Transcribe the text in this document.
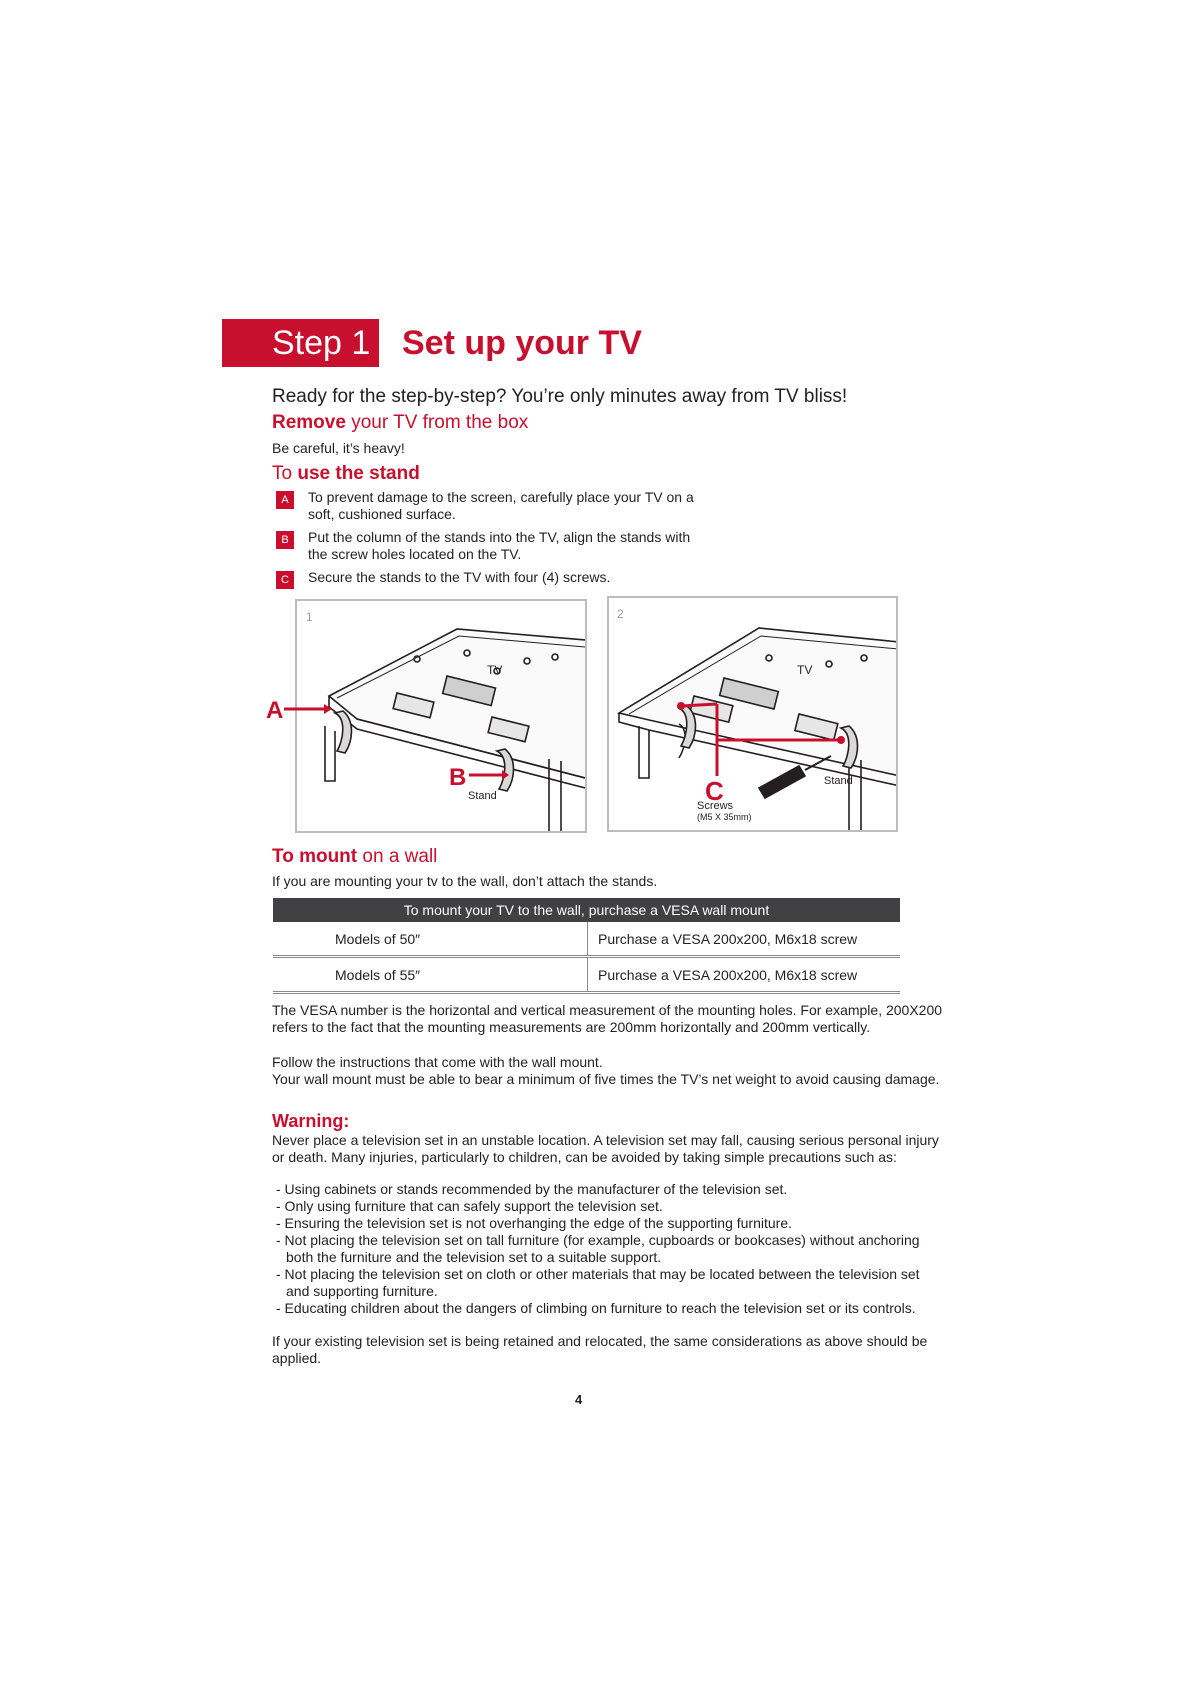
Step 1 Set up your TV
Ready for the step-by-step? You’re only minutes away from TV bliss!
Remove your TV from the box
Be careful, it’s heavy!
To use the stand
A	To prevent damage to the screen, carefully place your TV on a soft, cushioned surface.
B	Put the column of the stands into the TV, align the stands with the screw holes located on the TV.
C	Secure the stands to the TV with four (4) screws.
TV
Stand
1
B
A
C
TV
Stand
Screws
(M5 X 35mm)
2
To mount on a wall
If you are mounting your tv to the wall, don’t attach the stands.
To mount your TV to the wall, purchase a VESA wall mount
Models of 50″	Purchase a VESA 200x200, M6x18 screw
Models of 55″	Purchase a VESA 200x200, M6x18 screw
The VESA number is the horizontal and vertical measurement of the mounting holes. For example, 200X200 refers to the fact that the mounting measurements are 200mm horizontally and 200mm vertically.
Follow the instructions that come with the wall mount.
Your wall mount must be able to bear a minimum of five times the TV’s net weight to avoid causing damage.
Warning:
Never place a television set in an unstable location. A television set may fall, causing serious personal injury or death. Many injuries, particularly to children, can be avoided by taking simple precautions such as:
- Using cabinets or stands recommended by the manufacturer of the television set.
- Only using furniture that can safely support the television set.
- Ensuring the television set is not overhanging the edge of the supporting furniture.
- Not placing the television set on tall furniture (for example, cupboards or bookcases) without anchoring both the furniture and the television set to a suitable support.
- Not placing the television set on cloth or other materials that may be located between the television set and supporting furniture.
- Educating children about the dangers of climbing on furniture to reach the television set or its controls.
If your existing television set is being retained and relocated, the same considerations as above should be applied.
4
